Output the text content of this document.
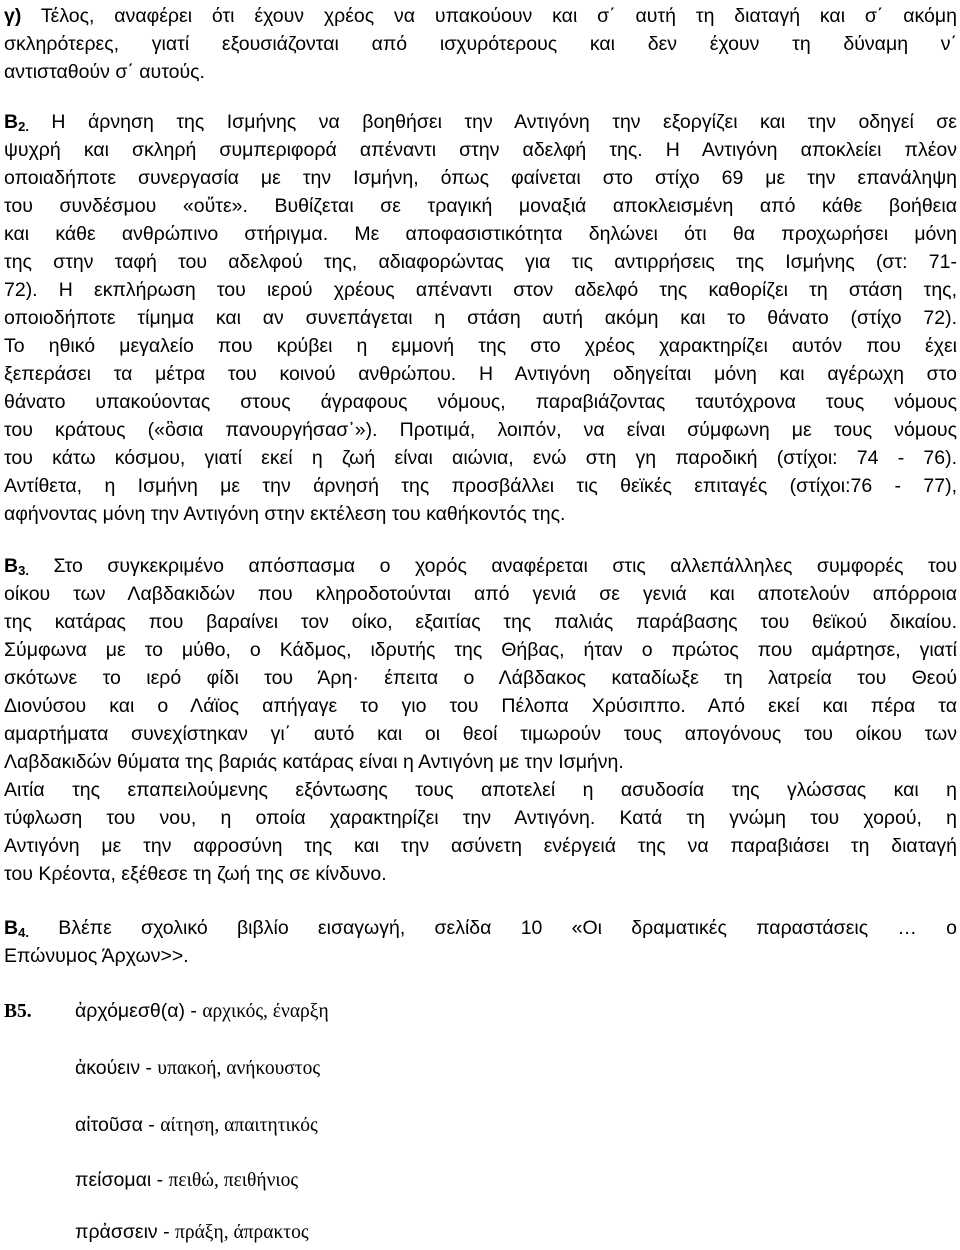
γ) Τέλος, αναφέρει ότι έχουν χρέος να υπακούουν και σ΄ αυτή τη διαταγή και σ΄ ακόμη
σκληρότερες, γιατί εξουσιάζονται από ισχυρότερους και δεν έχουν τη δύναμη ν΄
αντισταθούν σ΄ αυτούς.
$B_{2.}$ Η άρνηση της Ισμήνης να βοηθήσει την Αντιγόνη την εξοργίζει και την οδηγεί σε
ψυχρή και σκληρή συμπεριφορά απέναντι στην αδελφή της. Η Αντιγόνη αποκλείει πλέον
οποιαδήποτε συνεργασία με την Ισμήνη, όπως φαίνεται στο στίχο 69 με την επανάληψη
του συνδέσμου «οὔτε». Βυθίζεται σε τραγική μοναξιά αποκλεισμένη από κάθε βοήθεια
και κάθε ανθρώπινο στήριγμα. Με αποφασιστικότητα δηλώνει ότι θα προχωρήσει μόνη
της στην ταφή του αδελφού της, αδιαφορώντας για τις αντιρρήσεις της Ισμήνης (στ: 71-
72). Η εκπλήρωση του ιερού χρέους απέναντι στον αδελφό της καθορίζει τη στάση της,
οποιοδήποτε τίμημα και αν συνεπάγεται η στάση αυτή ακόμη και το θάνατο (στίχο 72).
Το ηθικό μεγαλείο που κρύβει η εμμονή της στο χρέος χαρακτηρίζει αυτόν που έχει
ξεπεράσει τα μέτρα του κοινού ανθρώπου. Η Αντιγόνη οδηγείται μόνη και αγέρωχη στο
θάνατο υπακούοντας στους άγραφους νόμους, παραβιάζοντας ταυτόχρονα τους νόμους
του κράτους («ὃσια πανουργήσασ᾿»). Προτιμά, λοιπόν, να είναι σύμφωνη με τους νόμους
του κάτω κόσμου, γιατί εκεί η ζωή είναι αιώνια, ενώ στη γη παροδική (στίχοι: 74 - 76).
Αντίθετα, η Ισμήνη με την άρνησή της προσβάλλει τις θεϊκές επιταγές (στίχοι:76 - 77),
αφήνοντας μόνη την Αντιγόνη στην εκτέλεση του καθήκοντός της.
$B_{3.}$ Στο συγκεκριμένο απόσπασμα ο χορός αναφέρεται στις αλλεπάλληλες συμφορές του
οίκου των Λαβδακιδών που κληροδοτούνται από γενιά σε γενιά και αποτελούν απόρροια
της κατάρας που βαραίνει τον οίκο, εξαιτίας της παλιάς παράβασης του θεϊκού δικαίου.
Σύμφωνα με το μύθο, ο Κάδμος, ιδρυτής της Θήβας, ήταν ο πρώτος που αμάρτησε, γιατί
σκότωνε το ιερό φίδι του Άρη· έπειτα ο Λάβδακος καταδίωξε τη λατρεία του Θεού
Διονύσου και ο Λάϊος απήγαγε το γιο του Πέλοπα Χρύσιππο. Από εκεί και πέρα τα
αμαρτήματα συνεχίστηκαν γι΄ αυτό και οι θεοί τιμωρούν τους απογόνους του οίκου των
Λαβδακιδών θύματα της βαριάς κατάρας είναι η Αντιγόνη με την Ισμήνη.
Αιτία της επαπειλούμενης εξόντωσης τους αποτελεί η ασυδοσία της γλώσσας και η
τύφλωση του νου, η οποία χαρακτηρίζει την Αντιγόνη. Κατά τη γνώμη του χορού, η
Αντιγόνη με την αφροσύνη της και την ασύνετη ενέργειά της να παραβιάσει τη διαταγή
του Κρέοντα, εξέθεσε τη ζωή της σε κίνδυνο.
$B_{4.}$ Βλέπε σχολικό βιβλίο εισαγωγή, σελίδα 10 «Οι δραματικές παραστάσεις … ο
Επώνυμος Άρχων>>.
Β5. ἀρχόμεσθ(α) - αρχικός, έναρξη
ἀκούειν - υπακοή, ανήκουστος
αἰτοῦσα - αίτηση, απαιτητικός
πείσομαι - πειθώ, πειθήνιος
πρἀσσειν - πράξη, άπρακτος
